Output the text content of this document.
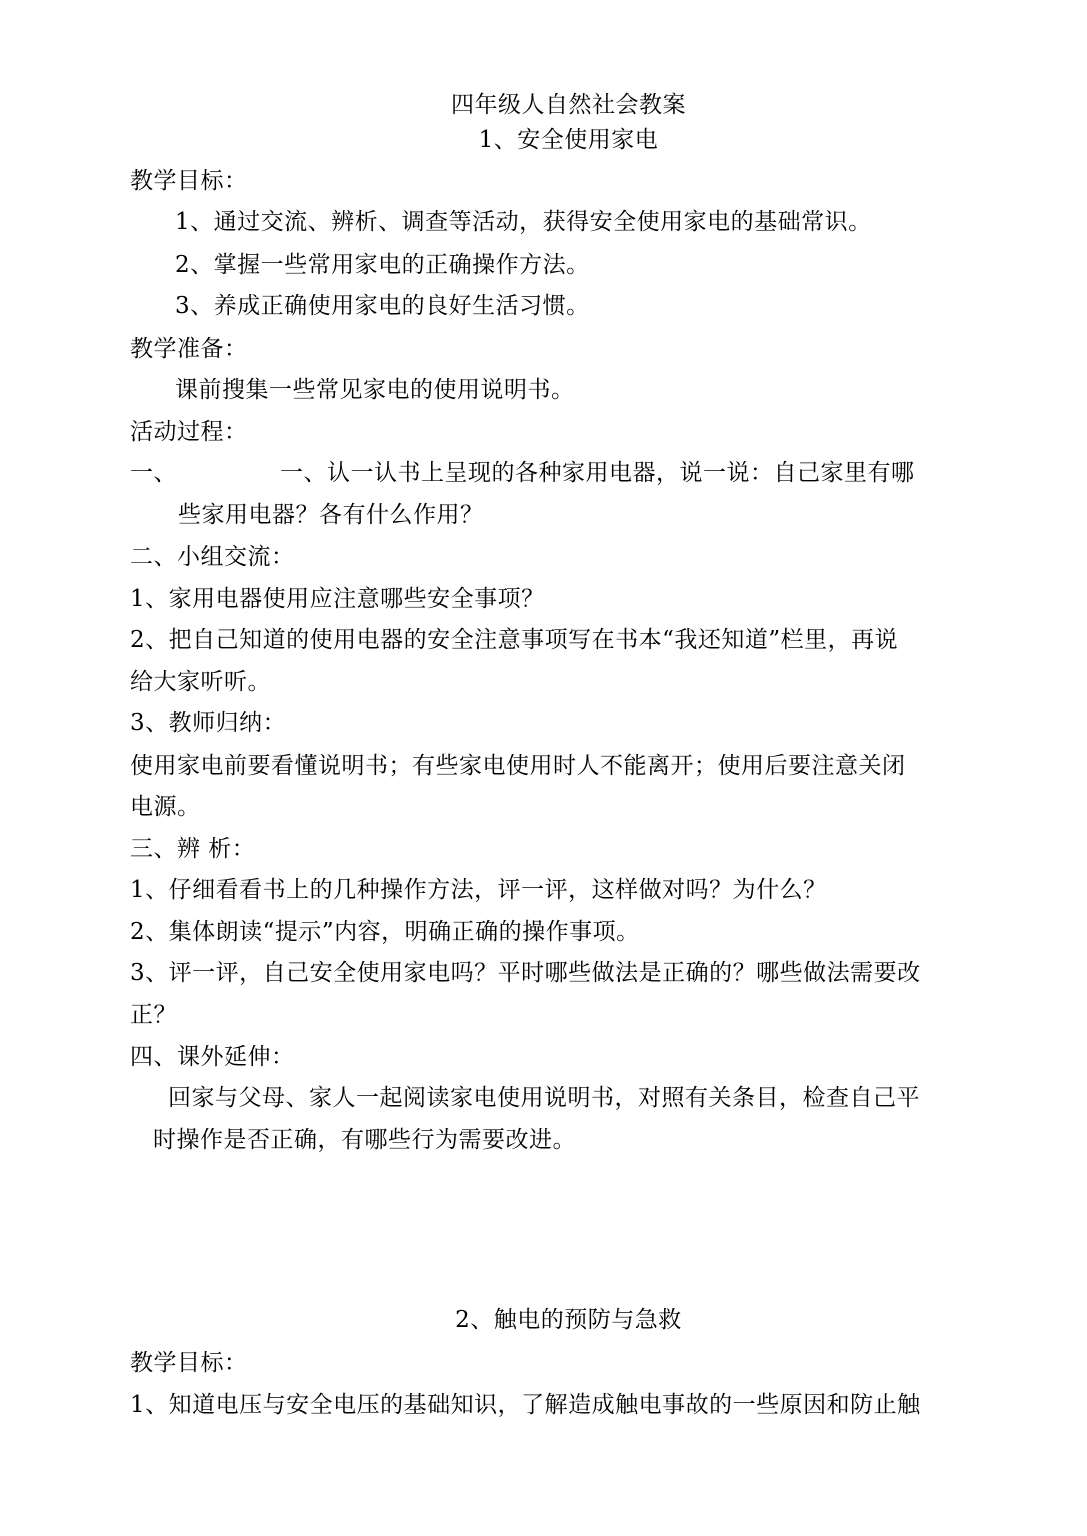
四年级人自然社会教案
1、安全使用家电
教学目标：
1、通过交流、辨析、调查等活动，获得安全使用家电的基础常识。
2、掌握一些常用家电的正确操作方法。
3、养成正确使用家电的良好生活习惯。
教学准备：
课前搜集一些常见家电的使用说明书。
活动过程：
一、	一、认一认书上呈现的各种家用电器，说一说：自己家里有哪
些家用电器？各有什么作用？
二、小组交流：
1、家用电器使用应注意哪些安全事项？
2、把自己知道的使用电器的安全注意事项写在书本“我还知道”栏里，再说
给大家听听。
3、教师归纳：
使用家电前要看懂说明书；有些家电使用时人不能离开；使用后要注意关闭
电源。
三、辨 析：
1、仔细看看书上的几种操作方法，评一评，这样做对吗？为什么？
2、集体朗读“提示”内容，明确正确的操作事项。
3、评一评，自己安全使用家电吗？平时哪些做法是正确的？哪些做法需要改
正？
四、课外延伸：
回家与父母、家人一起阅读家电使用说明书，对照有关条目，检查自己平
时操作是否正确，有哪些行为需要改进。
2、触电的预防与急救
教学目标：
1、知道电压与安全电压的基础知识，了解造成触电事故的一些原因和防止触
